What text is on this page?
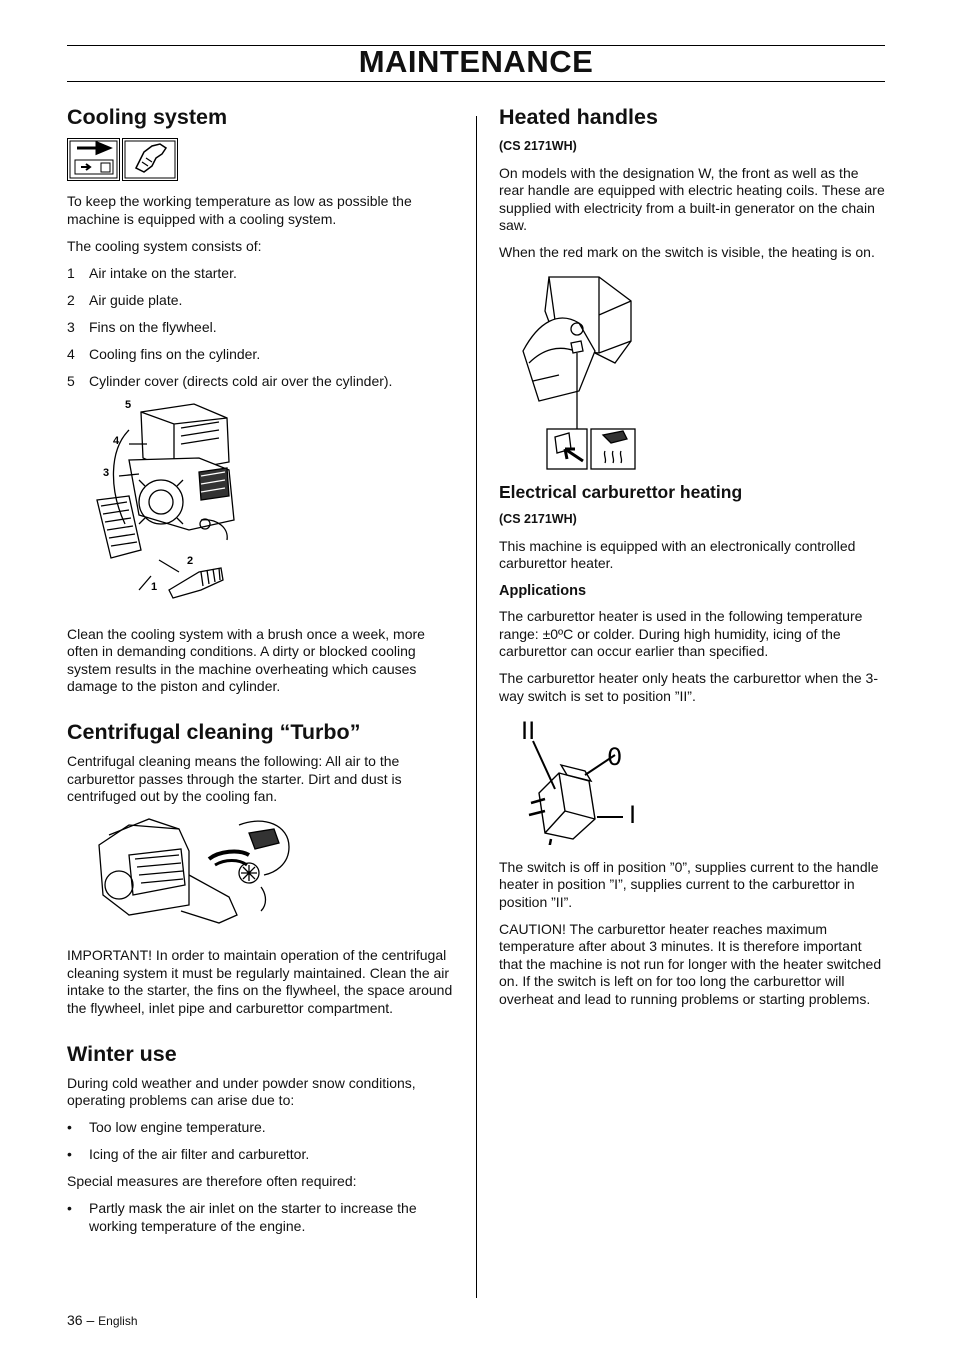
MAINTENANCE
Cooling system

To keep the working temperature as low as possible the machine is equipped with a cooling system.

The cooling system consists of:

1	Air intake on the starter.
2	Air guide plate.
3	Fins on the flywheel.
4	Cooling fins on the cylinder.
5	Cylinder cover (directs cold air over the cylinder).
5
4
3
2
1

Clean the cooling system with a brush once a week, more often in demanding conditions. A dirty or blocked cooling system results in the machine overheating which causes damage to the piston and cylinder.

Centrifugal cleaning “Turbo”

Centrifugal cleaning means the following: All air to the carburettor passes through the starter. Dirt and dust is centrifuged out by the cooling fan.

IMPORTANT! In order to maintain operation of the centrifugal cleaning system it must be regularly maintained. Clean the air intake to the starter, the fins on the flywheel, the space around the flywheel, inlet pipe and carburettor compartment.

Winter use

During cold weather and under powder snow conditions, operating problems can arise due to:

•	Too low engine temperature.
•	Icing of the air filter and carburettor.

Special measures are therefore often required:

•	Partly mask the air inlet on the starter to increase the working temperature of the engine.
Heated handles
(CS 2171WH)

On models with the designation W, the front as well as the rear handle are equipped with electric heating coils. These are supplied with electricity from a built-in generator on the chain saw.

When the red mark on the switch is visible, the heating is on.

Electrical carburettor heating
(CS 2171WH)

This machine is equipped with an electronically controlled carburettor heater.

Applications

The carburettor heater is used in the following temperature range: ±0ºC or colder. During high humidity, icing of the carburettor can occur earlier than specified.

The carburettor heater only heats the carburettor when the 3-way switch is set to position ”II”.

II
0
I

The switch is off in position ”0”, supplies current to the handle heater in position ”I”, supplies current to the carburettor in position ”II”.

CAUTION! The carburettor heater reaches maximum temperature after about 3 minutes. It is therefore important that the machine is not run for longer with the heater switched on. If the switch is left on for too long the carburettor will overheat and lead to running problems or starting problems.

36 – English
